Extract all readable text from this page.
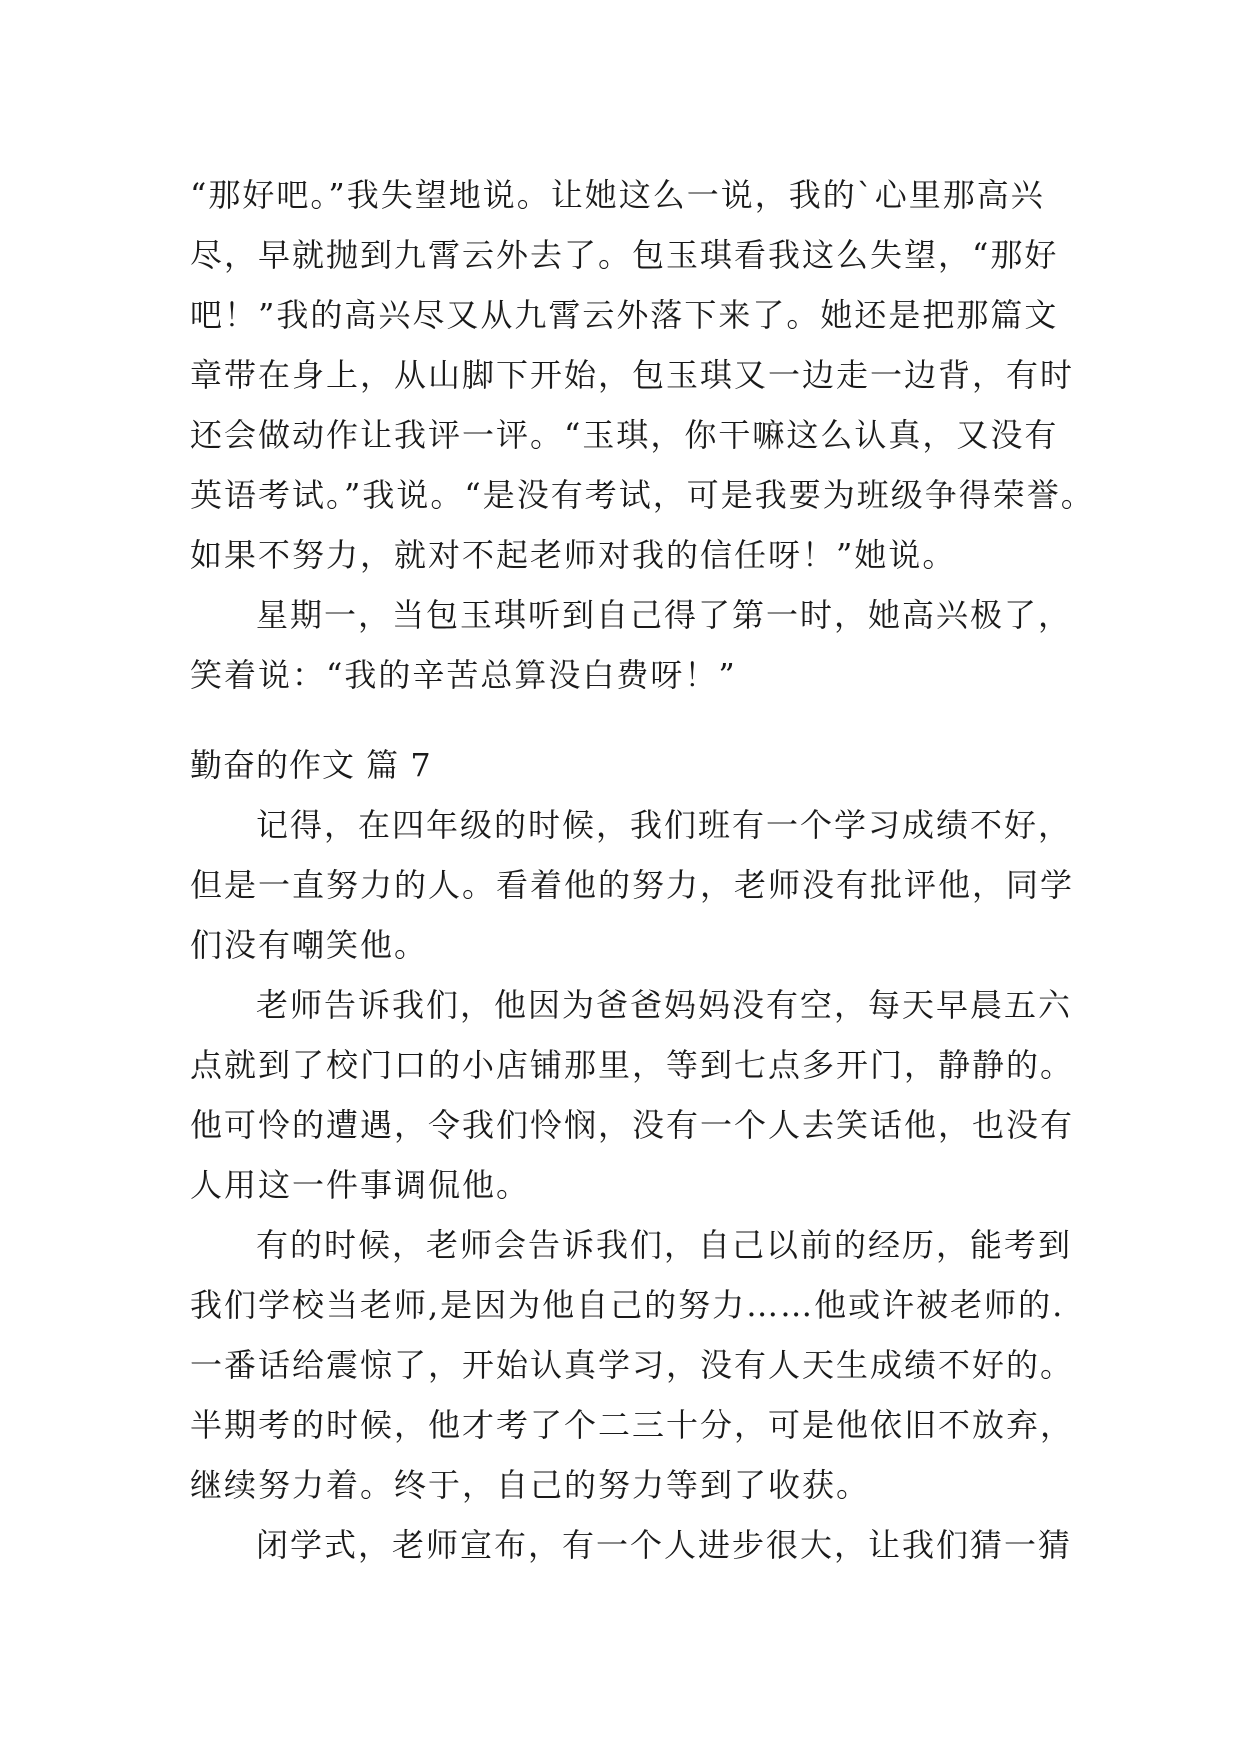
“那好吧。”我失望地说。让她这么一说，我的`心里那高兴

尽，早就抛到九霄云外去了。包玉琪看我这么失望，“那好

吧！”我的高兴尽又从九霄云外落下来了。她还是把那篇文

章带在身上，从山脚下开始，包玉琪又一边走一边背，有时

还会做动作让我评一评。“玉琪，你干嘛这么认真，又没有

英语考试。”我说。“是没有考试，可是我要为班级争得荣誉。

如果不努力，就对不起老师对我的信任呀！”她说。

星期一，当包玉琪听到自己得了第一时，她高兴极了，

笑着说：“我的辛苦总算没白费呀！”

勤奋的作文 篇 7

记得，在四年级的时候，我们班有一个学习成绩不好，

但是一直努力的人。看着他的努力，老师没有批评他，同学

们没有嘲笑他。

老师告诉我们，他因为爸爸妈妈没有空，每天早晨五六

点就到了校门口的小店铺那里，等到七点多开门，静静的。

他可怜的遭遇，令我们怜悯，没有一个人去笑话他，也没有

人用这一件事调侃他。

有的时候，老师会告诉我们，自己以前的经历，能考到

我们学校当老师,是因为他自己的努力……他或许被老师的.

一番话给震惊了，开始认真学习，没有人天生成绩不好的。

半期考的时候，他才考了个二三十分，可是他依旧不放弃，

继续努力着。终于，自己的努力等到了收获。

闭学式，老师宣布，有一个人进步很大，让我们猜一猜
